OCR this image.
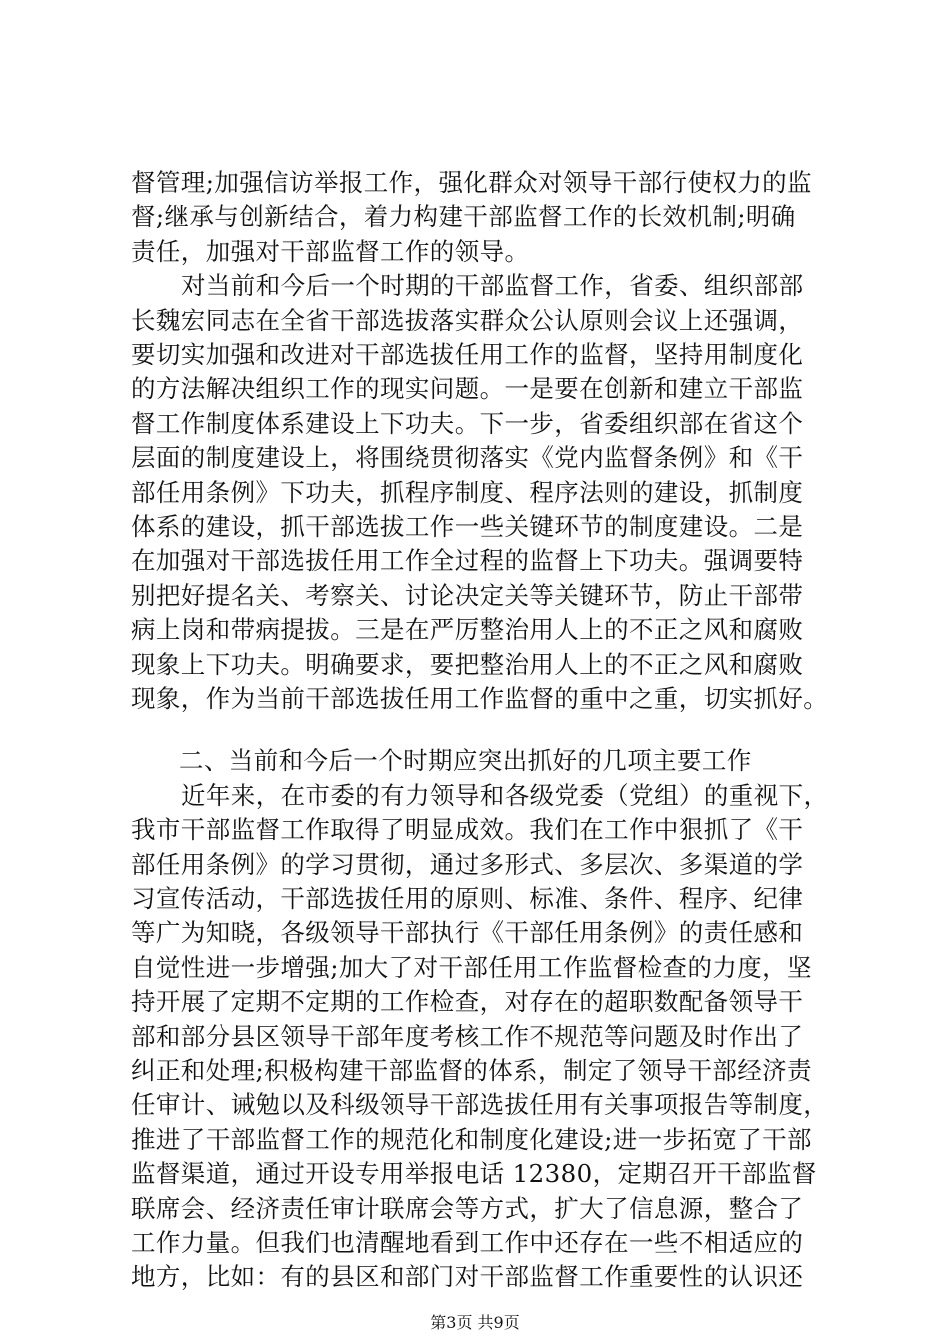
督管理;加强信访举报工作，强化群众对领导干部行使权力的监
督;继承与创新结合，着力构建干部监督工作的长效机制;明确
责任，加强对干部监督工作的领导。
对当前和今后一个时期的干部监督工作，省委、组织部部
长魏宏同志在全省干部选拔落实群众公认原则会议上还强调，
要切实加强和改进对干部选拔任用工作的监督，坚持用制度化
的方法解决组织工作的现实问题。一是要在创新和建立干部监
督工作制度体系建设上下功夫。下一步，省委组织部在省这个
层面的制度建设上，将围绕贯彻落实《党内监督条例》和《干
部任用条例》下功夫，抓程序制度、程序法则的建设，抓制度
体系的建设，抓干部选拔工作一些关键环节的制度建设。二是
在加强对干部选拔任用工作全过程的监督上下功夫。强调要特
别把好提名关、考察关、讨论决定关等关键环节，防止干部带
病上岗和带病提拔。三是在严厉整治用人上的不正之风和腐败
现象上下功夫。明确要求，要把整治用人上的不正之风和腐败
现象，作为当前干部选拔任用工作监督的重中之重，切实抓好。
二、当前和今后一个时期应突出抓好的几项主要工作
近年来，在市委的有力领导和各级党委（党组）的重视下，
我市干部监督工作取得了明显成效。我们在工作中狠抓了《干
部任用条例》的学习贯彻，通过多形式、多层次、多渠道的学
习宣传活动，干部选拔任用的原则、标准、条件、程序、纪律
等广为知晓，各级领导干部执行《干部任用条例》的责任感和
自觉性进一步增强;加大了对干部任用工作监督检查的力度，坚
持开展了定期不定期的工作检查，对存在的超职数配备领导干
部和部分县区领导干部年度考核工作不规范等问题及时作出了
纠正和处理;积极构建干部监督的体系，制定了领导干部经济责
任审计、诫勉以及科级领导干部选拔任用有关事项报告等制度，
推进了干部监督工作的规范化和制度化建设;进一步拓宽了干部
监督渠道，通过开设专用举报电话 12380，定期召开干部监督
联席会、经济责任审计联席会等方式，扩大了信息源，整合了
工作力量。但我们也清醒地看到工作中还存在一些不相适应的
地方，比如：有的县区和部门对干部监督工作重要性的认识还
第3页 共9页
